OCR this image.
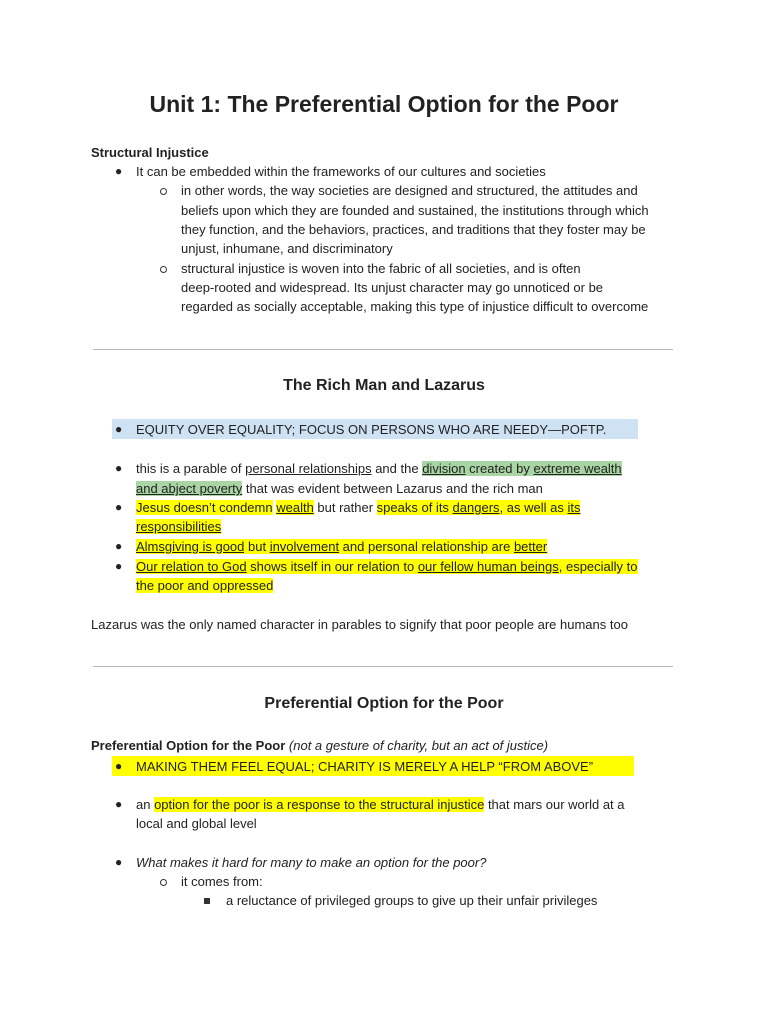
Unit 1: The Preferential Option for the Poor
Structural Injustice
● It can be embedded within the frameworks of our cultures and societies
in other words, the way societies are designed and structured, the attitudes and
beliefs upon which they are founded and sustained, the institutions through which
they function, and the behaviors, practices, and traditions that they foster may be
unjust, inhumane, and discriminatory
structural injustice is woven into the fabric of all societies, and is often
deep-rooted and widespread. Its unjust character may go unnoticed or be
regarded as socially acceptable, making this type of injustice difficult to overcome
The Rich Man and Lazarus
● EQUITY OVER EQUALITY; FOCUS ON PERSONS WHO ARE NEEDY—POFTP.
● this is a parable of personal relationships and the division created by extreme wealth
and abject poverty that was evident between Lazarus and the rich man
● Jesus doesn’t condemn wealth but rather speaks of its dangers, as well as its
responsibilities
● Almsgiving is good but involvement and personal relationship are better
● Our relation to God shows itself in our relation to our fellow human beings, especially to
the poor and oppressed
Lazarus was the only named character in parables to signify that poor people are humans too
Preferential Option for the Poor
Preferential Option for the Poor (not a gesture of charity, but an act of justice)
● MAKING THEM FEEL EQUAL; CHARITY IS MERELY A HELP “FROM ABOVE”
● an option for the poor is a response to the structural injustice that mars our world at a
local and global level
● What makes it hard for many to make an option for the poor?
it comes from:
a reluctance of privileged groups to give up their unfair privileges
